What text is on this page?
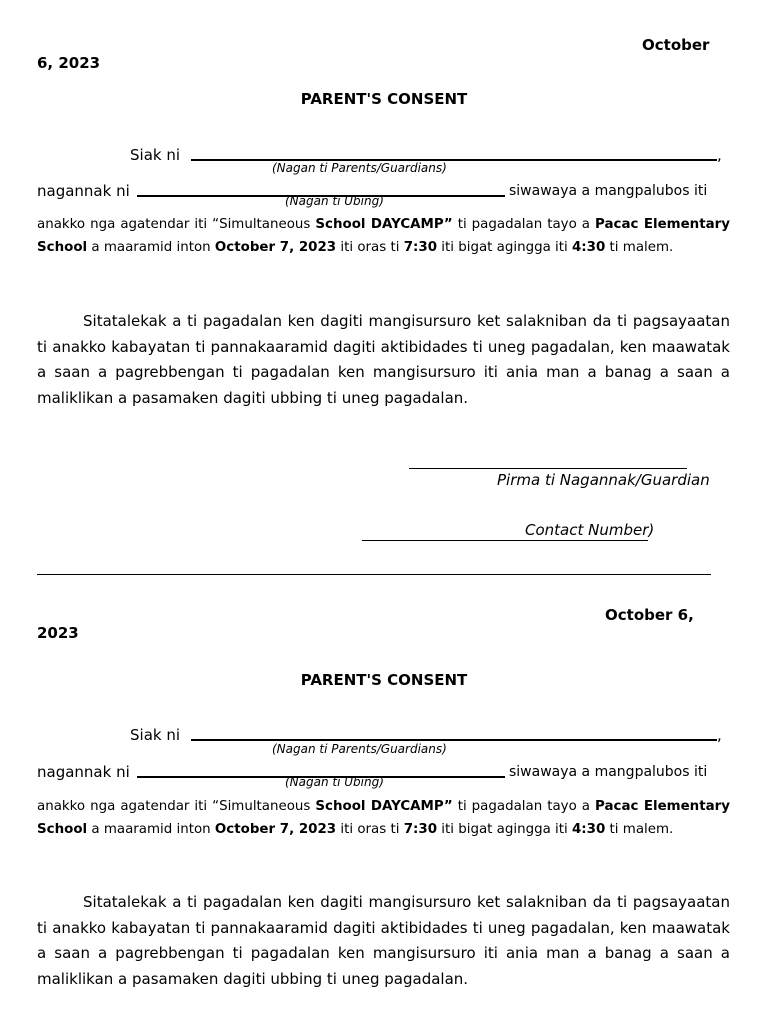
October
6, 2023
PARENT'S CONSENT
Siak ni	,
(Nagan ti Parents/Guardians)
nagannak ni	siwawaya a mangpalubos iti
(Nagan ti Ubing)
anakko nga agatendar iti “Simultaneous School DAYCAMP” ti pagadalan tayo a Pacac Elementary School a maaramid inton October 7, 2023 iti oras ti 7:30 iti bigat agingga iti 4:30 ti malem.
Sitatalekak a ti pagadalan ken dagiti mangisursuro ket salakniban da ti pagsayaatan ti anakko kabayatan ti pannakaaramid dagiti aktibidades ti uneg pagadalan, ken maawatak a saan a pagrebbengan ti pagadalan ken mangisursuro iti ania man a banag a saan a maliklikan a pasamaken dagiti ubbing ti uneg pagadalan.
Pirma ti Nagannak/Guardian
Contact Number)
October 6,
2023
PARENT'S CONSENT
Siak ni	,
(Nagan ti Parents/Guardians)
nagannak ni	siwawaya a mangpalubos iti
(Nagan ti Ubing)
anakko nga agatendar iti “Simultaneous School DAYCAMP” ti pagadalan tayo a Pacac Elementary School a maaramid inton October 7, 2023 iti oras ti 7:30 iti bigat agingga iti 4:30 ti malem.
Sitatalekak a ti pagadalan ken dagiti mangisursuro ket salakniban da ti pagsayaatan ti anakko kabayatan ti pannakaaramid dagiti aktibidades ti uneg pagadalan, ken maawatak a saan a pagrebbengan ti pagadalan ken mangisursuro iti ania man a banag a saan a maliklikan a pasamaken dagiti ubbing ti uneg pagadalan.
